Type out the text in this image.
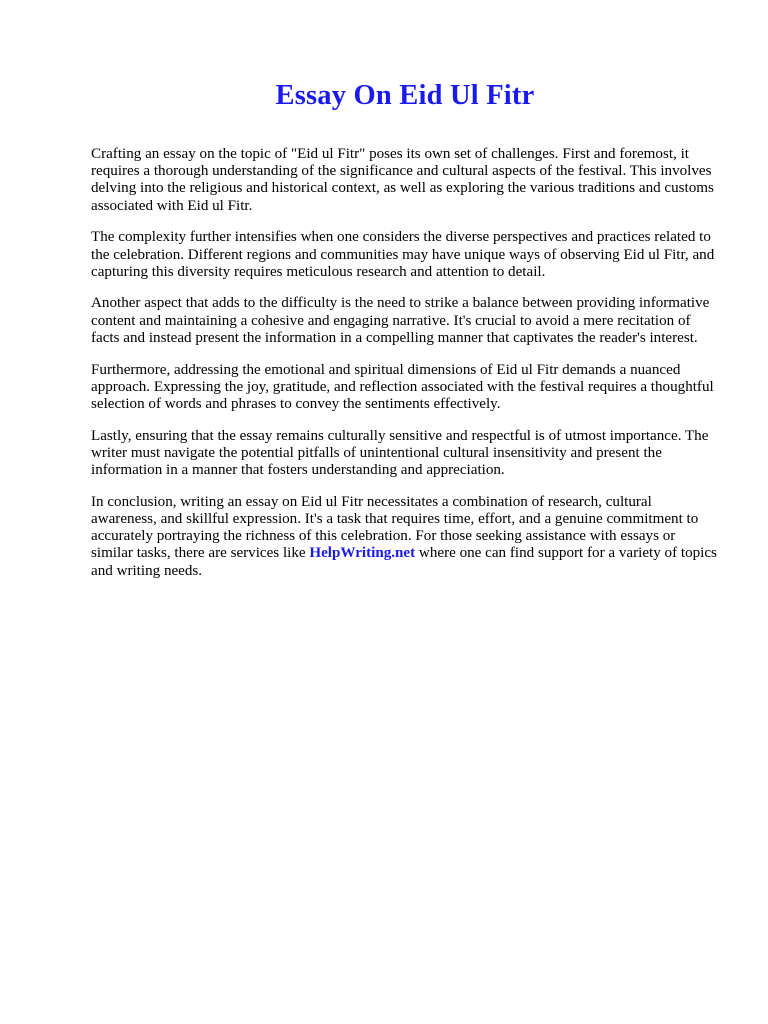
Essay On Eid Ul Fitr

Crafting an essay on the topic of "Eid ul Fitr" poses its own set of challenges. First and foremost, it requires a thorough understanding of the significance and cultural aspects of the festival. This involves delving into the religious and historical context, as well as exploring the various traditions and customs associated with Eid ul Fitr.

The complexity further intensifies when one considers the diverse perspectives and practices related to the celebration. Different regions and communities may have unique ways of observing Eid ul Fitr, and capturing this diversity requires meticulous research and attention to detail.

Another aspect that adds to the difficulty is the need to strike a balance between providing informative content and maintaining a cohesive and engaging narrative. It's crucial to avoid a mere recitation of facts and instead present the information in a compelling manner that captivates the reader's interest.

Furthermore, addressing the emotional and spiritual dimensions of Eid ul Fitr demands a nuanced approach. Expressing the joy, gratitude, and reflection associated with the festival requires a thoughtful selection of words and phrases to convey the sentiments effectively.

Lastly, ensuring that the essay remains culturally sensitive and respectful is of utmost importance. The writer must navigate the potential pitfalls of unintentional cultural insensitivity and present the information in a manner that fosters understanding and appreciation.

In conclusion, writing an essay on Eid ul Fitr necessitates a combination of research, cultural awareness, and skillful expression. It's a task that requires time, effort, and a genuine commitment to accurately portraying the richness of this celebration. For those seeking assistance with essays or similar tasks, there are services like HelpWriting.net where one can find support for a variety of topics and writing needs.
